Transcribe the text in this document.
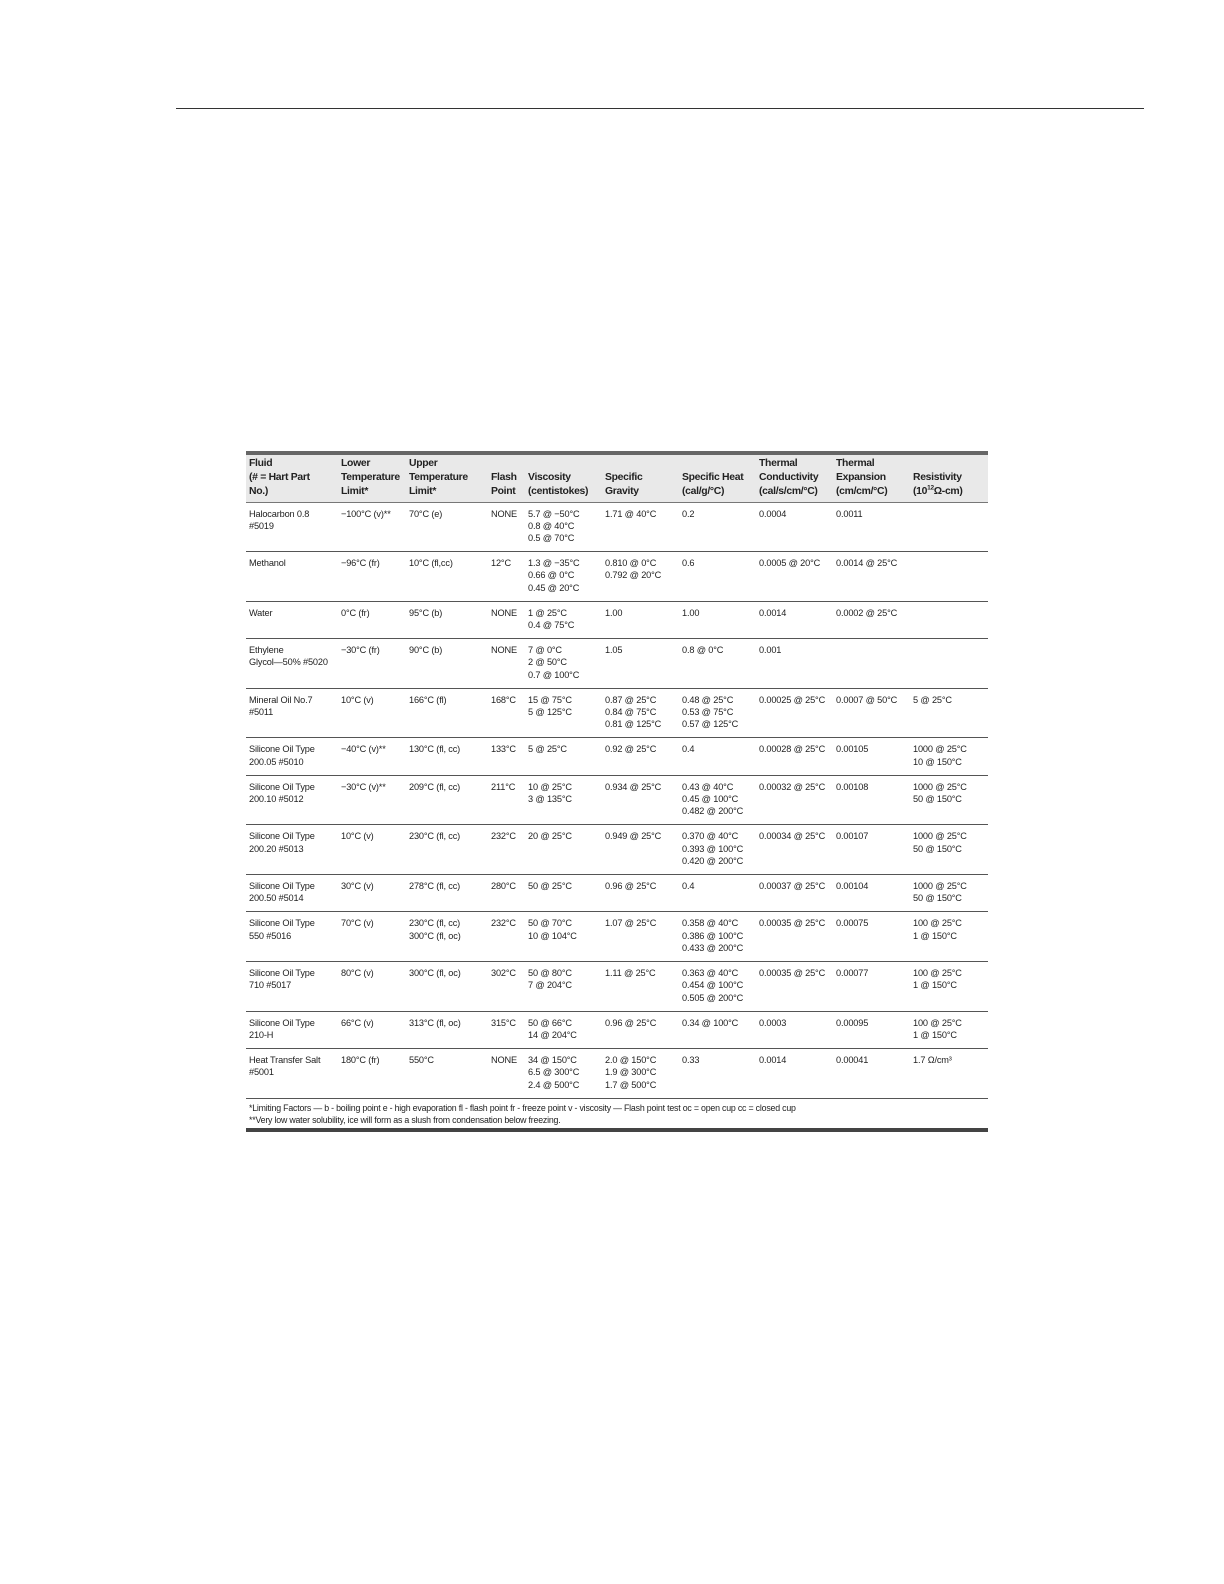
Fluid
(# = Hart Part
No.)	Lower
Temperature
Limit*	Upper
Temperature
Limit*	Flash
Point	Viscosity
(centistokes)	Specific
Gravity	Specific Heat
(cal/g/°C)	Thermal
Conductivity
(cal/s/cm/°C)	Thermal
Expansion
(cm/cm/°C)	Resistivity
$(10^{12}\Omega-cm)$

Halocarbon 0.8
#5019	−100°C (v)**	70°C (e)	NONE	5.7 @ −50°C
0.8 @ 40°C
0.5 @ 70°C	1.71 @ 40°C	0.2	0.0004	0.0011	

Methanol	−96°C (fr)	10°C (fl,cc)	12°C	1.3 @ −35°C
0.66 @ 0°C
0.45 @ 20°C	0.810 @ 0°C
0.792 @ 20°C	0.6	0.0005 @ 20°C	0.0014 @ 25°C	

Water	0°C (fr)	95°C (b)	NONE	1 @ 25°C
0.4 @ 75°C	1.00	1.00	0.0014	0.0002 @ 25°C	

Ethylene
Glycol—50% #5020	−30°C (fr)	90°C (b)	NONE	7 @ 0°C
2 @ 50°C
0.7 @ 100°C	1.05	0.8 @ 0°C	0.001		

Mineral Oil No.7
#5011	10°C (v)	166°C (fl)	168°C	15 @ 75°C
5 @ 125°C	0.87 @ 25°C
0.84 @ 75°C
0.81 @ 125°C	0.48 @ 25°C
0.53 @ 75°C
0.57 @ 125°C	0.00025 @ 25°C	0.0007 @ 50°C	5 @ 25°C

Silicone Oil Type
200.05 #5010	−40°C (v)**	130°C (fl, cc)	133°C	5 @ 25°C	0.92 @ 25°C	0.4	0.00028 @ 25°C	0.00105	1000 @ 25°C
10 @ 150°C

Silicone Oil Type
200.10 #5012	−30°C (v)**	209°C (fl, cc)	211°C	10 @ 25°C
3 @ 135°C	0.934 @ 25°C	0.43 @ 40°C
0.45 @ 100°C
0.482 @ 200°C	0.00032 @ 25°C	0.00108	1000 @ 25°C
50 @ 150°C

Silicone Oil Type
200.20 #5013	10°C (v)	230°C (fl, cc)	232°C	20 @ 25°C	0.949 @ 25°C	0.370 @ 40°C
0.393 @ 100°C
0.420 @ 200°C	0.00034 @ 25°C	0.00107	1000 @ 25°C
50 @ 150°C

Silicone Oil Type
200.50 #5014	30°C (v)	278°C (fl, cc)	280°C	50 @ 25°C	0.96 @ 25°C	0.4	0.00037 @ 25°C	0.00104	1000 @ 25°C
50 @ 150°C

Silicone Oil Type
550 #5016	70°C (v)	230°C (fl, cc)
300°C (fl, oc)	232°C	50 @ 70°C
10 @ 104°C	1.07 @ 25°C	0.358 @ 40°C
0.386 @ 100°C
0.433 @ 200°C	0.00035 @ 25°C	0.00075	100 @ 25°C
1 @ 150°C

Silicone Oil Type
710 #5017	80°C (v)	300°C (fl, oc)	302°C	50 @ 80°C
7 @ 204°C	1.11 @ 25°C	0.363 @ 40°C
0.454 @ 100°C
0.505 @ 200°C	0.00035 @ 25°C	0.00077	100 @ 25°C
1 @ 150°C

Silicone Oil Type
210-H	66°C (v)	313°C (fl, oc)	315°C	50 @ 66°C
14 @ 204°C	0.96 @ 25°C	0.34 @ 100°C	0.0003	0.00095	100 @ 25°C
1 @ 150°C

Heat Transfer Salt
#5001	180°C (fr)	550°C	NONE	34 @ 150°C
6.5 @ 300°C
2.4 @ 500°C	2.0 @ 150°C
1.9 @ 300°C
1.7 @ 500°C	0.33	0.0014	0.00041	1.7 Ω/cm³
*Limiting Factors — b - boiling point e - high evaporation fl - flash point fr - freeze point v - viscosity — Flash point test oc = open cup cc = closed cup
**Very low water solubility, ice will form as a slush from condensation below freezing.
